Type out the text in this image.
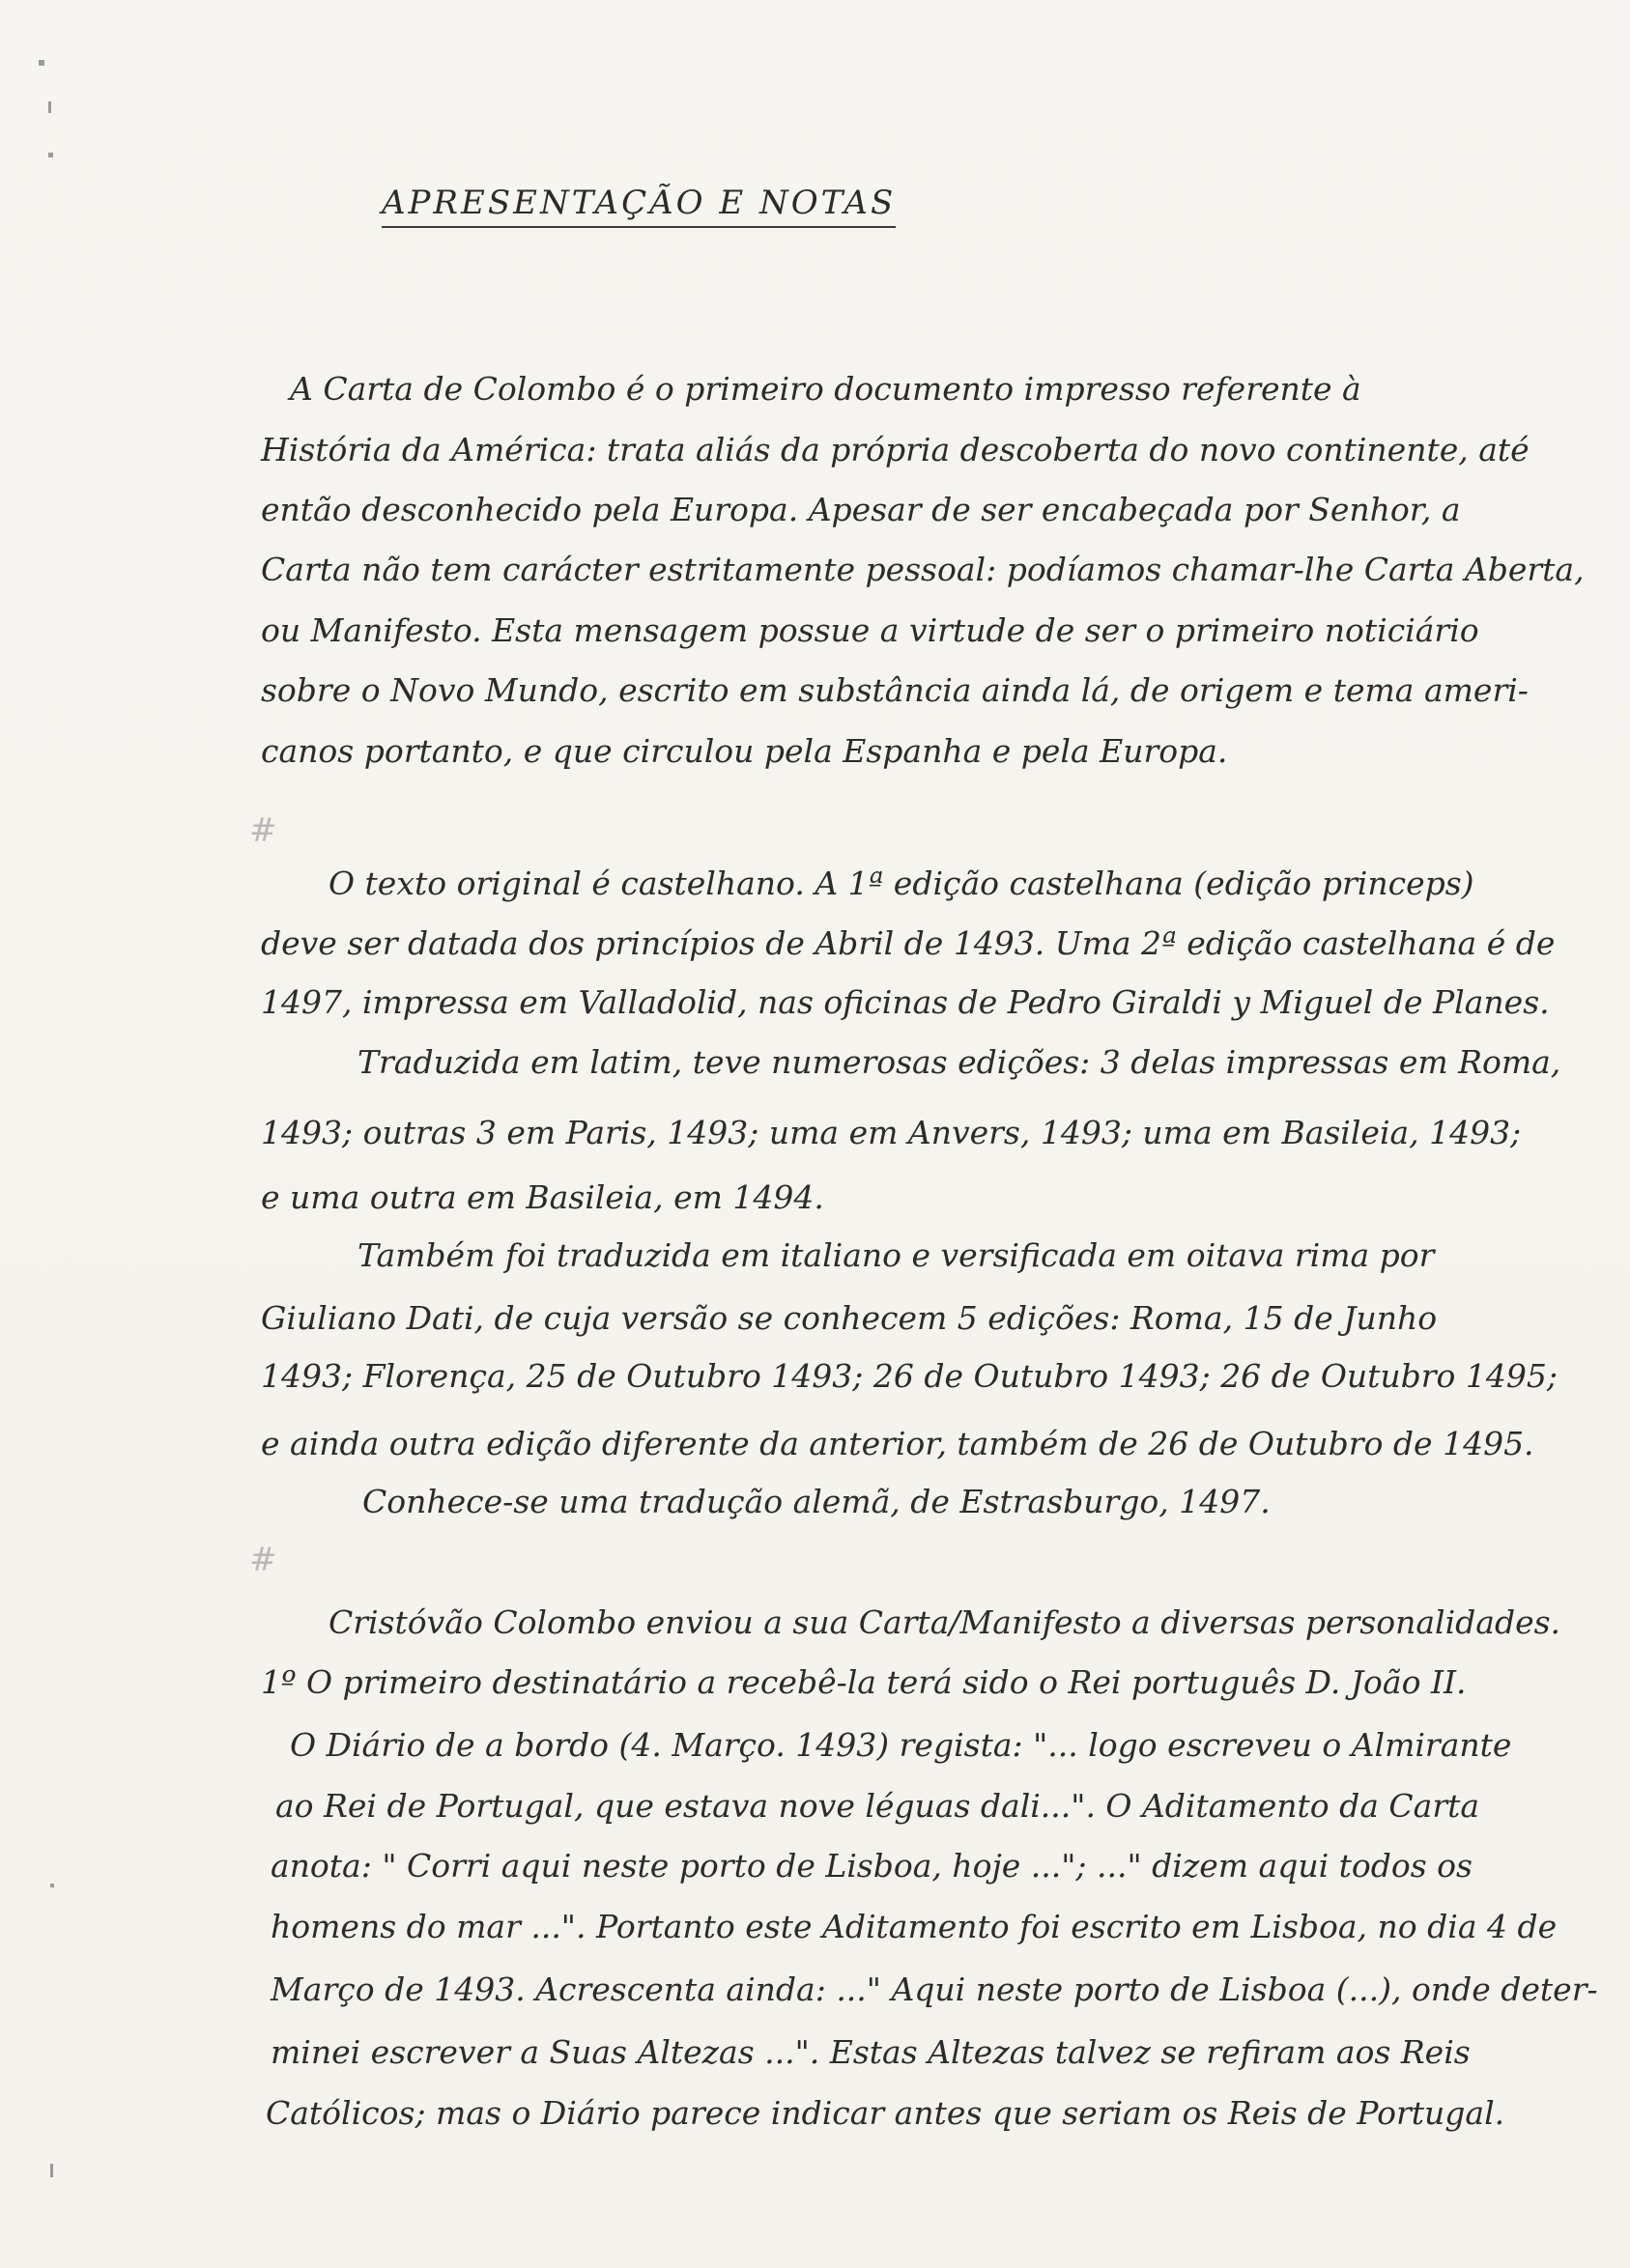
APRESENTAÇÃO E NOTAS
A Carta de Colombo é o primeiro documento impresso referente à
História da América: trata aliás da própria descoberta do novo continente, até
então desconhecido pela Europa. Apesar de ser encabeçada por Senhor, a
Carta não tem carácter estritamente pessoal: podíamos chamar-lhe Carta Aberta,
ou Manifesto. Esta mensagem possue a virtude de ser o primeiro noticiário
sobre o Novo Mundo, escrito em substância ainda lá, de origem e tema ameri-
canos portanto, e que circulou pela Espanha e pela Europa.
#
O texto original é castelhano. A 1ª edição castelhana (edição princeps)
deve ser datada dos princípios de Abril de 1493. Uma 2ª edição castelhana é de
1497, impressa em Valladolid, nas oficinas de Pedro Giraldi y Miguel de Planes.
Traduzida em latim, teve numerosas edições: 3 delas impressas em Roma,
1493; outras 3 em Paris, 1493; uma em Anvers, 1493; uma em Basileia, 1493;
e uma outra em Basileia, em 1494.
Também foi traduzida em italiano e versificada em oitava rima por
Giuliano Dati, de cuja versão se conhecem 5 edições: Roma, 15 de Junho
1493; Florença, 25 de Outubro 1493; 26 de Outubro 1493; 26 de Outubro 1495;
e ainda outra edição diferente da anterior, também de 26 de Outubro de 1495.
Conhece-se uma tradução alemã, de Estrasburgo, 1497.
#
Cristóvão Colombo enviou a sua Carta/Manifesto a diversas personalidades.
1º O primeiro destinatário a recebê-la terá sido o Rei português D. João II.
O Diário de a bordo (4. Março. 1493) regista: "... logo escreveu o Almirante
ao Rei de Portugal, que estava nove léguas dali...". O Aditamento da Carta
anota: " Corri aqui neste porto de Lisboa, hoje ..."; ..." dizem aqui todos os
homens do mar ...". Portanto este Aditamento foi escrito em Lisboa, no dia 4 de
Março de 1493. Acrescenta ainda: ..." Aqui neste porto de Lisboa (...), onde deter-
minei escrever a Suas Altezas ...". Estas Altezas talvez se refiram aos Reis
Católicos; mas o Diário parece indicar antes que seriam os Reis de Portugal.
